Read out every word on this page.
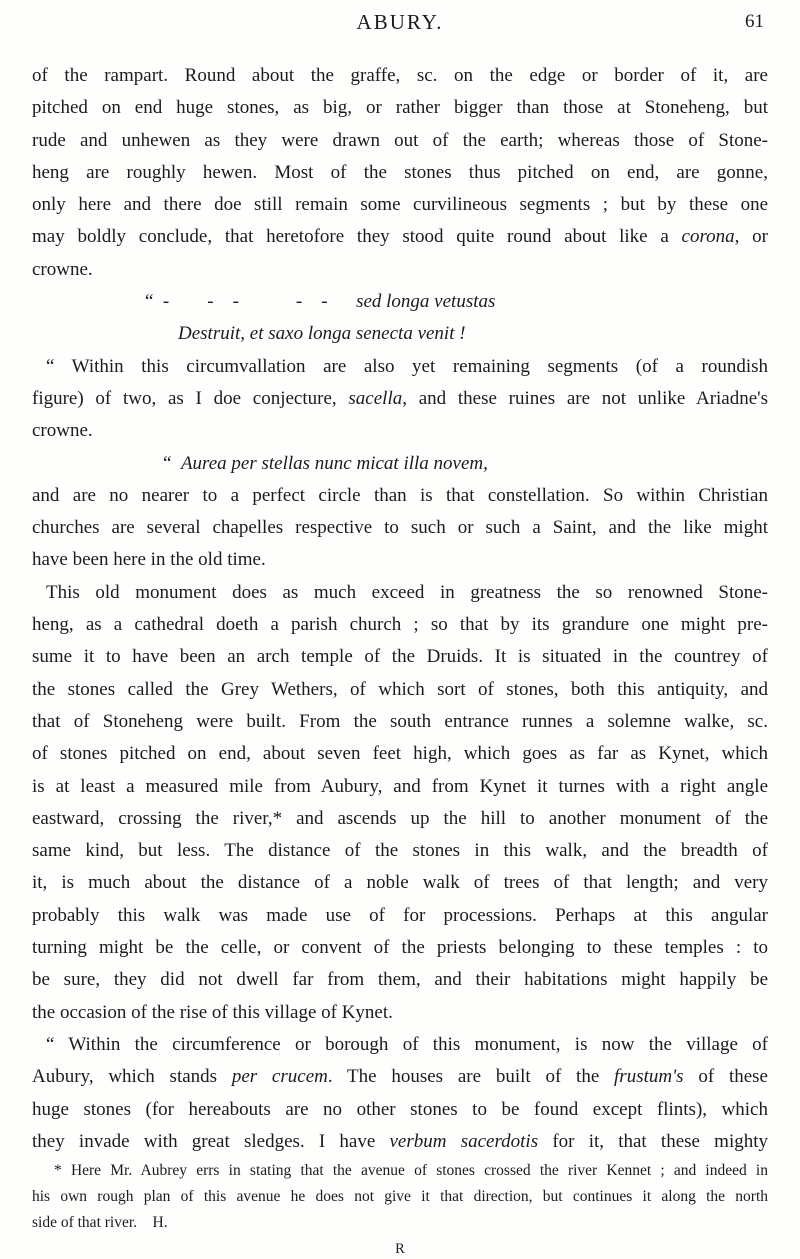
ABURY.	61
of the rampart. Round about the graffe, sc. on the edge or border of it, are
pitched on end huge stones, as big, or rather bigger than those at Stoneheng, but
rude and unhewen as they were drawn out of the earth; whereas those of Stone-
heng are roughly hewen. Most of the stones thus pitched on end, are gonne,
only here and there doe still remain some curvilineous segments ; but by these one
may boldly conclude, that heretofore they stood quite round about like a corona, or
crowne.
“ -  -  -   -  -  sed longa vetustas
Destruit, et saxo longa senecta venit !
“ Within this circumvallation are also yet remaining segments (of a roundish
figure) of two, as I doe conjecture, sacella, and these ruines are not unlike Ariadne's
crowne.
“ Aurea per stellas nunc micat illa novem,
and are no nearer to a perfect circle than is that constellation. So within Christian
churches are several chapelles respective to such or such a Saint, and the like might
have been here in the old time.
This old monument does as much exceed in greatness the so renowned Stone-
heng, as a cathedral doeth a parish church ; so that by its grandure one might pre-
sume it to have been an arch temple of the Druids. It is situated in the countrey of
the stones called the Grey Wethers, of which sort of stones, both this antiquity, and
that of Stoneheng were built. From the south entrance runnes a solemne walke, sc.
of stones pitched on end, about seven feet high, which goes as far as Kynet, which
is at least a measured mile from Aubury, and from Kynet it turnes with a right angle
eastward, crossing the river,* and ascends up the hill to another monument of the
same kind, but less. The distance of the stones in this walk, and the breadth of
it, is much about the distance of a noble walk of trees of that length; and very
probably this walk was made use of for processions. Perhaps at this angular
turning might be the celle, or convent of the priests belonging to these temples : to
be sure, they did not dwell far from them, and their habitations might happily be
the occasion of the rise of this village of Kynet.
“ Within the circumference or borough of this monument, is now the village of
Aubury, which stands per crucem. The houses are built of the frustum's of these
huge stones (for hereabouts are no other stones to be found except flints), which
they invade with great sledges. I have verbum sacerdotis for it, that these mighty
* Here Mr. Aubrey errs in stating that the avenue of stones crossed the river Kennet ; and indeed in
his own rough plan of this avenue he does not give it that direction, but continues it along the north
side of that river.  H.
R
